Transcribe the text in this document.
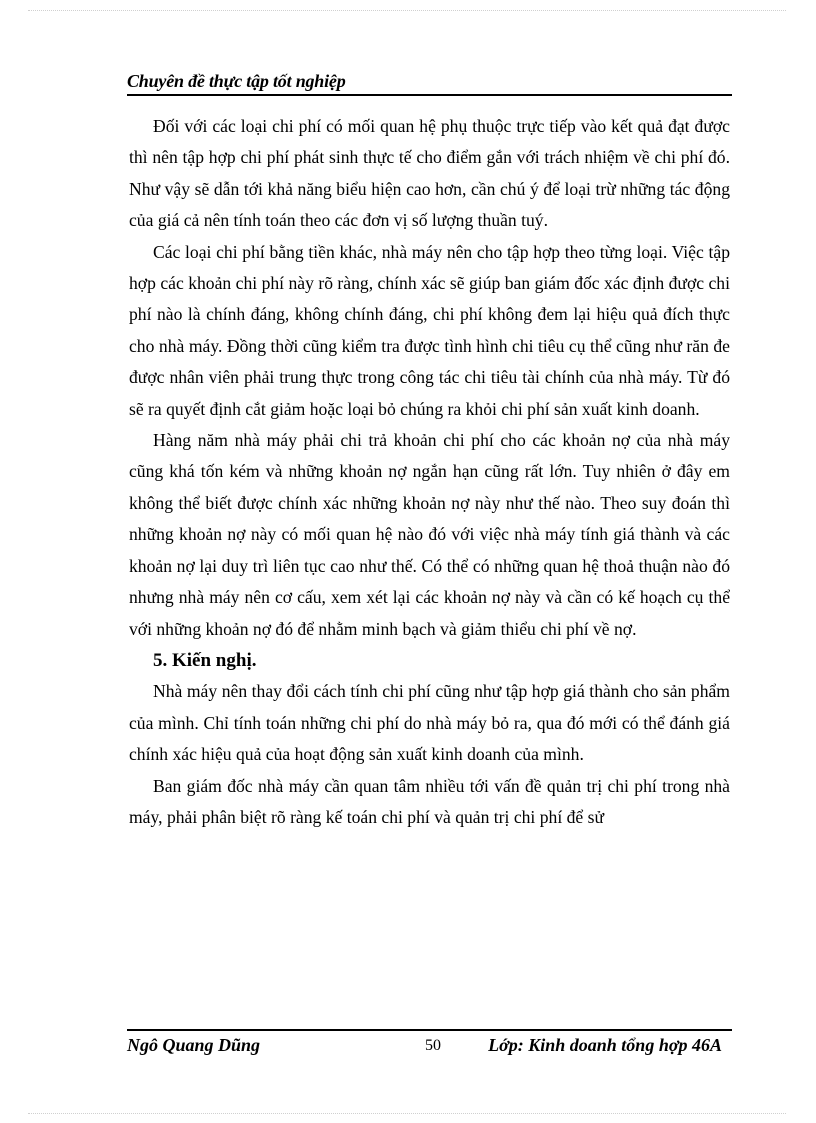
Chuyên đề thực tập tốt nghiệp

Đối với các loại chi phí có mối quan hệ phụ thuộc trực tiếp vào kết quả đạt được thì nên tập hợp chi phí phát sinh thực tế cho điểm gắn với trách nhiệm về chi phí đó. Như vậy sẽ dẫn tới khả năng biểu hiện cao hơn, cần chú ý để loại trừ những tác động của giá cả nên tính toán theo các đơn vị số lượng thuần tuý.

Các loại chi phí bằng tiền khác, nhà máy nên cho tập hợp theo từng loại. Việc tập hợp các khoản chi phí này rõ ràng, chính xác sẽ giúp ban giám đốc xác định được chi phí nào là chính đáng, không chính đáng, chi phí không đem lại hiệu quả đích thực cho nhà máy. Đồng thời cũng kiểm tra được tình hình chi tiêu cụ thể cũng như răn đe được nhân viên phải trung thực trong công tác chi tiêu tài chính của nhà máy. Từ đó sẽ ra quyết định cắt giảm hoặc loại bỏ chúng ra khỏi chi phí sản xuất kinh doanh.

Hàng năm nhà máy phải chi trả khoản chi phí cho các khoản nợ của nhà máy cũng khá tốn kém và những khoản nợ ngắn hạn cũng rất lớn. Tuy nhiên ở đây em không thể biết được chính xác những khoản nợ này như thế nào. Theo suy đoán thì những khoản nợ này có mối quan hệ nào đó với việc nhà máy tính giá thành và các khoản nợ lại duy trì liên tục cao như thế. Có thể có những quan hệ thoả thuận nào đó nhưng nhà máy nên cơ cấu, xem xét lại các khoản nợ này và cần có kế hoạch cụ thể với những khoản nợ đó để nhằm minh bạch và giảm thiểu chi phí về nợ.

5. Kiến nghị.

Nhà máy nên thay đổi cách tính chi phí cũng như tập hợp giá thành cho sản phẩm của mình. Chỉ tính toán những chi phí do nhà máy bỏ ra, qua đó mới có thể đánh giá chính xác hiệu quả của hoạt động sản xuất kinh doanh của mình.

Ban giám đốc nhà máy cần quan tâm nhiều tới vấn đề quản trị chi phí trong nhà máy, phải phân biệt rõ ràng kế toán chi phí và quản trị chi phí để sử

Ngô Quang Dũng	50	Lớp: Kinh doanh tổng hợp 46A
